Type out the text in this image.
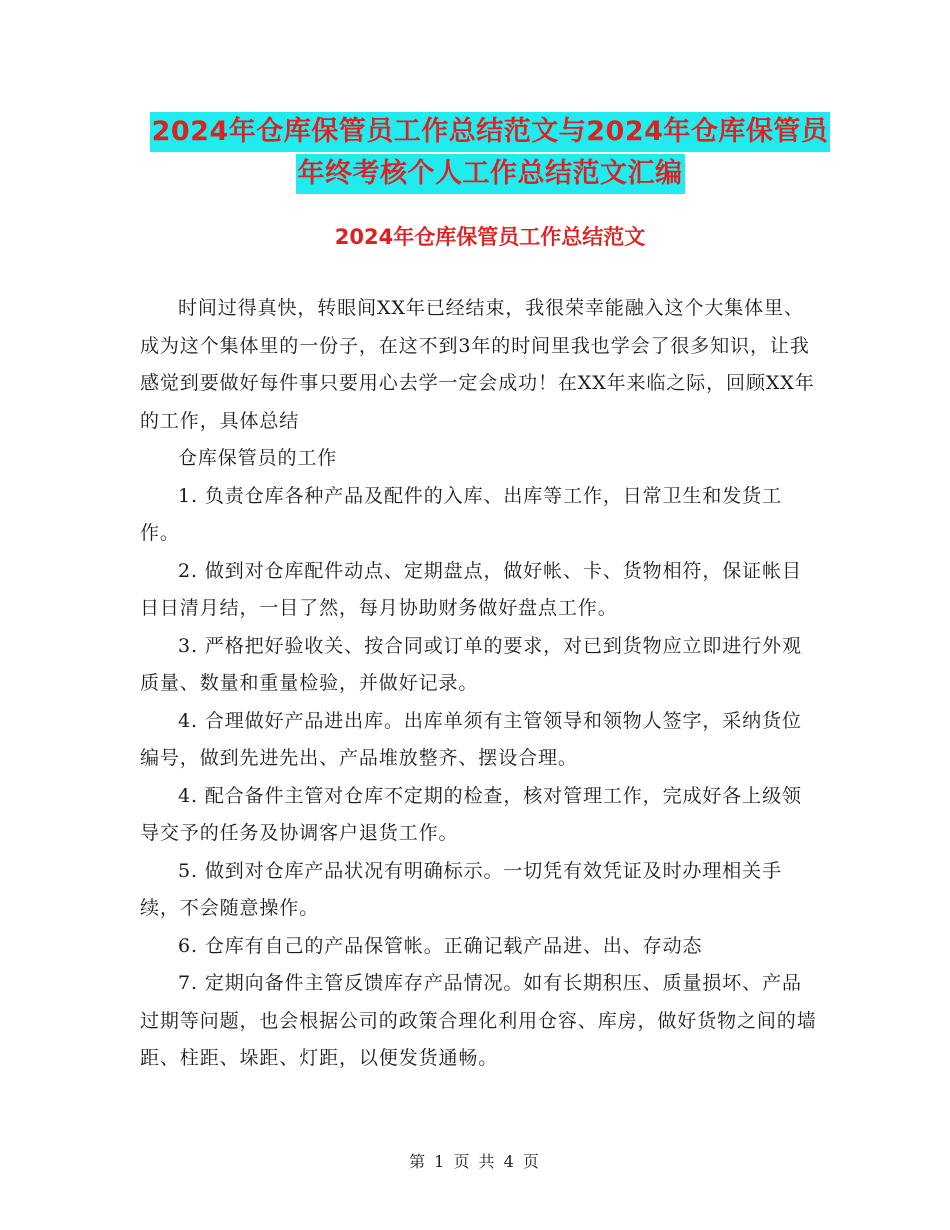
2024年仓库保管员工作总结范文与2024年仓库保管员
年终考核个人工作总结范文汇编
2024年仓库保管员工作总结范文

时间过得真快，转眼间XX年已经结束，我很荣幸能融入这个大集体里、成为这个集体里的一份子，在这不到3年的时间里我也学会了很多知识，让我感觉到要做好每件事只要用心去学一定会成功！在XX年来临之际，回顾XX年的工作，具体总结

仓库保管员的工作

1. 负责仓库各种产品及配件的入库、出库等工作，日常卫生和发货工作。

2. 做到对仓库配件动点、定期盘点，做好帐、卡、货物相符，保证帐目日日清月结，一目了然，每月协助财务做好盘点工作。

3. 严格把好验收关、按合同或订单的要求，对已到货物应立即进行外观质量、数量和重量检验，并做好记录。

4. 合理做好产品进出库。出库单须有主管领导和领物人签字，采纳货位编号，做到先进先出、产品堆放整齐、摆设合理。

4. 配合备件主管对仓库不定期的检查，核对管理工作，完成好各上级领导交予的任务及协调客户退货工作。

5. 做到对仓库产品状况有明确标示。一切凭有效凭证及时办理相关手续，不会随意操作。

6. 仓库有自己的产品保管帐。正确记载产品进、出、存动态

7. 定期向备件主管反馈库存产品情况。如有长期积压、质量损坏、产品过期等问题，也会根据公司的政策合理化利用仓容、库房，做好货物之间的墙距、柱距、垛距、灯距，以便发货通畅。

第 1 页 共 4 页
